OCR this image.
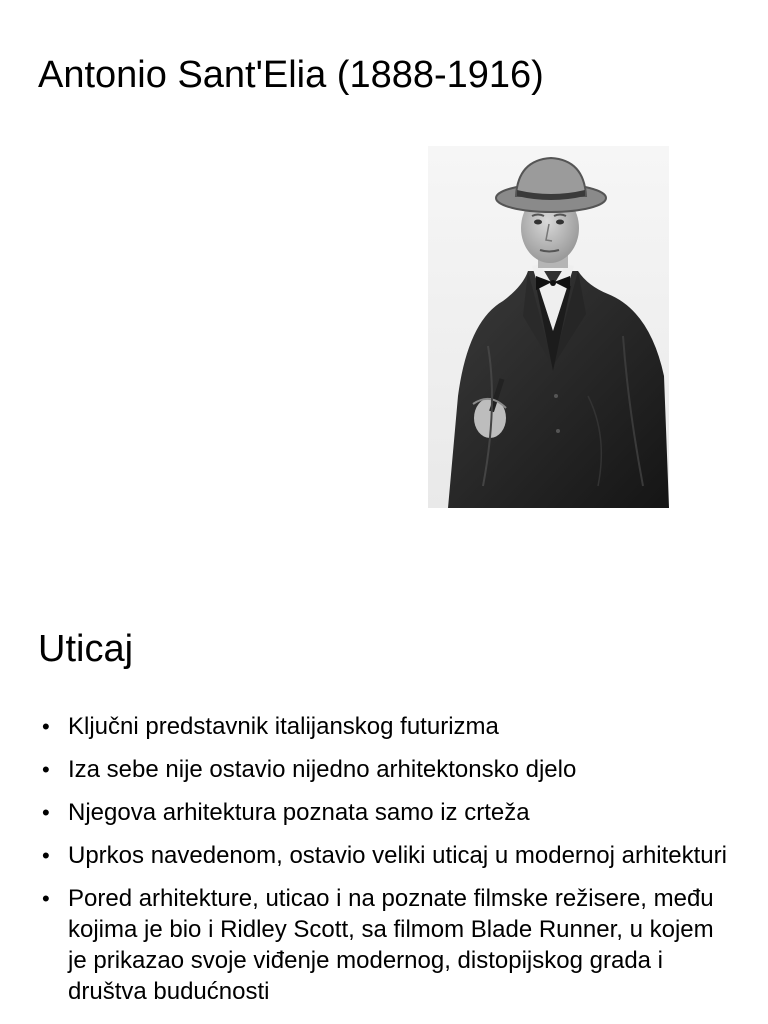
Antonio Sant'Elia (1888-1916)
Uticaj
• Ključni predstavnik italijanskog futurizma
• Iza sebe nije ostavio nijedno arhitektonsko djelo
• Njegova arhitektura poznata samo iz crteža
• Uprkos navedenom, ostavio veliki uticaj u modernoj arhitekturi
• Pored arhitekture, uticao i na poznate filmske režisere, među kojima je bio i Ridley Scott, sa filmom Blade Runner, u kojem je prikazao svoje viđenje modernog, distopijskog grada i društva budućnosti
